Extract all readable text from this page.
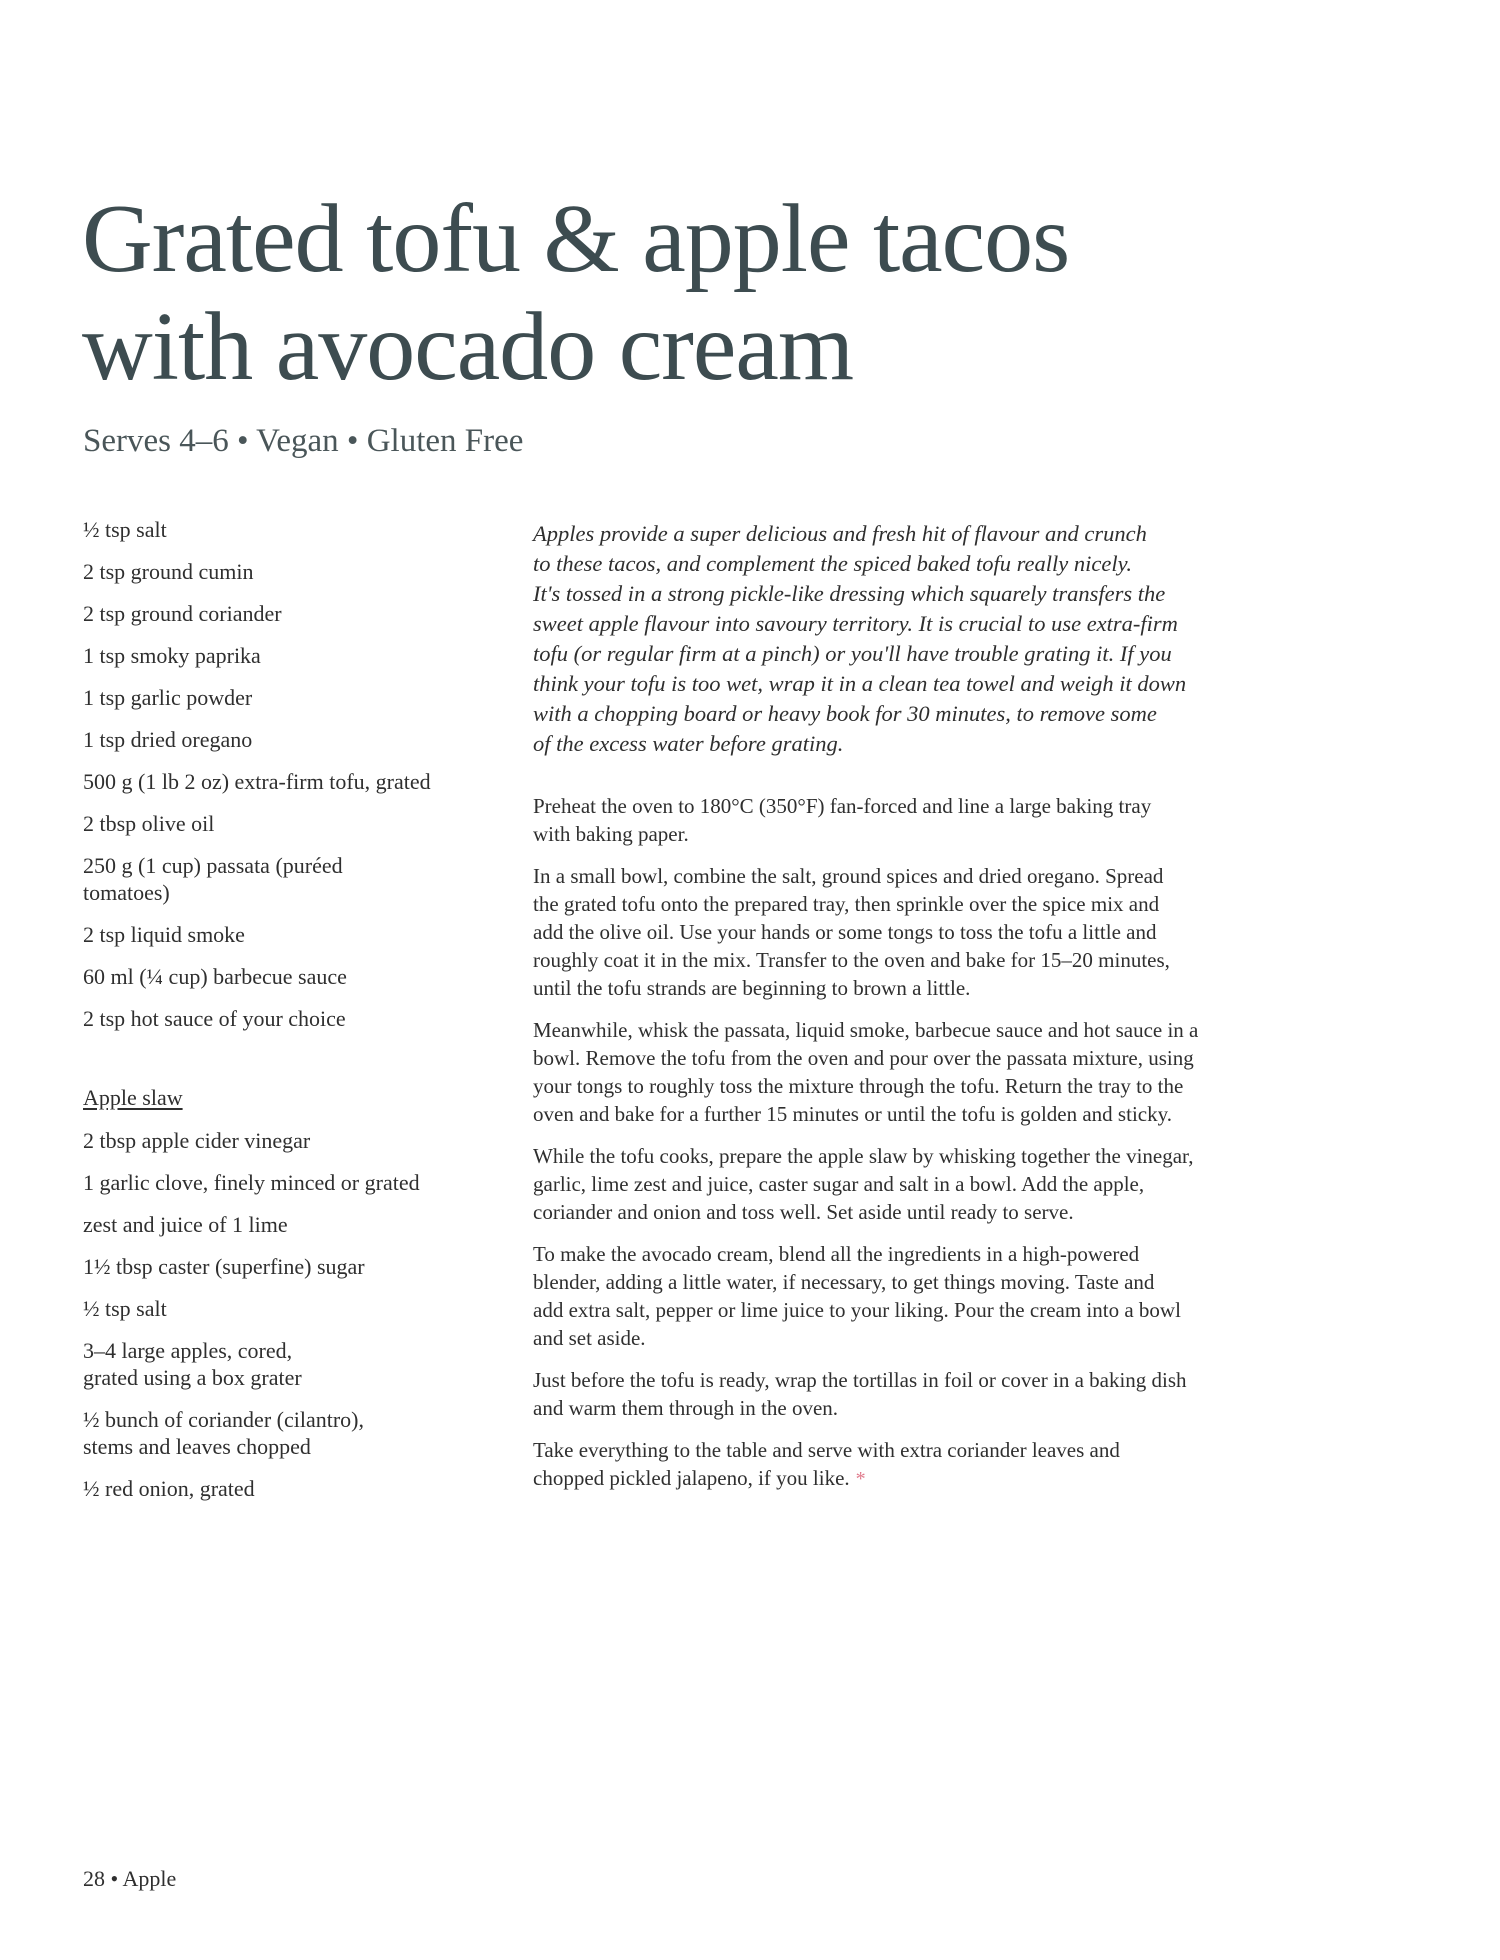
Grated tofu & apple tacos
with avocado cream
Serves 4–6 • Vegan • Gluten Free
½ tsp salt
2 tsp ground cumin
2 tsp ground coriander
1 tsp smoky paprika
1 tsp garlic powder
1 tsp dried oregano
500 g (1 lb 2 oz) extra-firm tofu, grated
2 tbsp olive oil
250 g (1 cup) passata (puréed
tomatoes)
2 tsp liquid smoke
60 ml (¼ cup) barbecue sauce
2 tsp hot sauce of your choice
Apple slaw
2 tbsp apple cider vinegar
1 garlic clove, finely minced or grated
zest and juice of 1 lime
1½ tbsp caster (superfine) sugar
½ tsp salt
3–4 large apples, cored,
grated using a box grater
½ bunch of coriander (cilantro),
stems and leaves chopped
½ red onion, grated

Apples provide a super delicious and fresh hit of flavour and crunch
to these tacos, and complement the spiced baked tofu really nicely.
It's tossed in a strong pickle-like dressing which squarely transfers the
sweet apple flavour into savoury territory. It is crucial to use extra-firm
tofu (or regular firm at a pinch) or you'll have trouble grating it. If you
think your tofu is too wet, wrap it in a clean tea towel and weigh it down
with a chopping board or heavy book for 30 minutes, to remove some
of the excess water before grating.

Preheat the oven to 180°C (350°F) fan-forced and line a large baking tray
with baking paper.

In a small bowl, combine the salt, ground spices and dried oregano. Spread
the grated tofu onto the prepared tray, then sprinkle over the spice mix and
add the olive oil. Use your hands or some tongs to toss the tofu a little and
roughly coat it in the mix. Transfer to the oven and bake for 15–20 minutes,
until the tofu strands are beginning to brown a little.

Meanwhile, whisk the passata, liquid smoke, barbecue sauce and hot sauce in a
bowl. Remove the tofu from the oven and pour over the passata mixture, using
your tongs to roughly toss the mixture through the tofu. Return the tray to the
oven and bake for a further 15 minutes or until the tofu is golden and sticky.

While the tofu cooks, prepare the apple slaw by whisking together the vinegar,
garlic, lime zest and juice, caster sugar and salt in a bowl. Add the apple,
coriander and onion and toss well. Set aside until ready to serve.

To make the avocado cream, blend all the ingredients in a high-powered
blender, adding a little water, if necessary, to get things moving. Taste and
add extra salt, pepper or lime juice to your liking. Pour the cream into a bowl
and set aside.

Just before the tofu is ready, wrap the tortillas in foil or cover in a baking dish
and warm them through in the oven.

Take everything to the table and serve with extra coriander leaves and
chopped pickled jalapeno, if you like. *

28 • Apple
